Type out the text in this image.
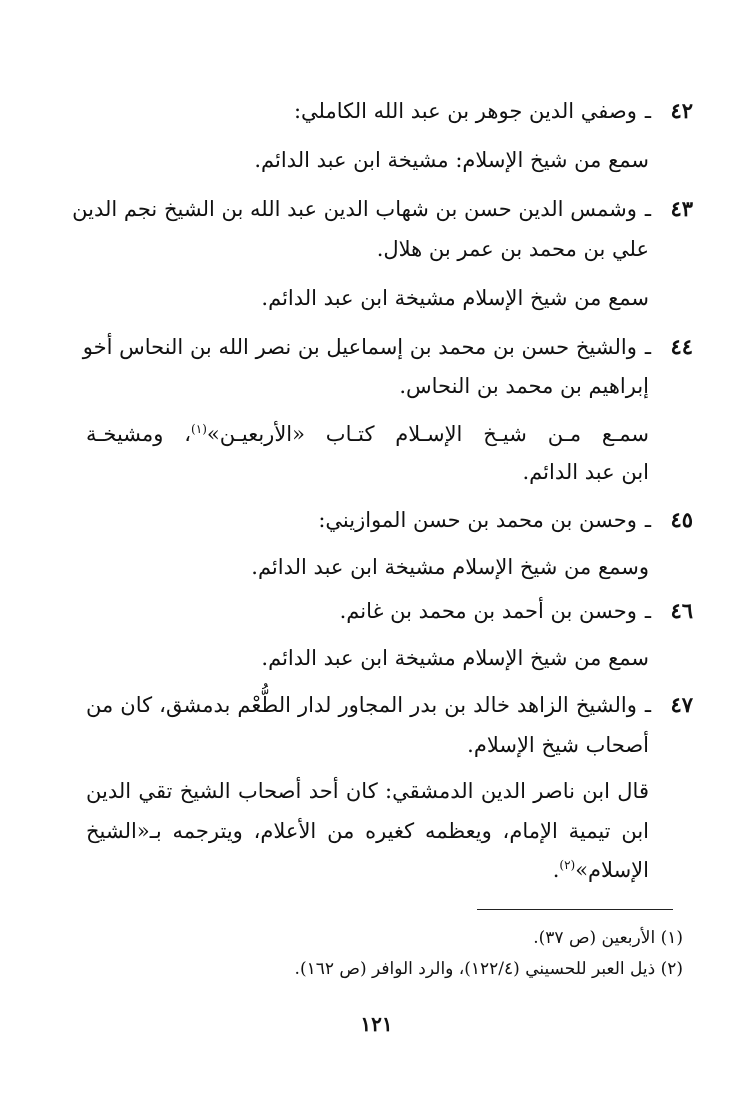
٤٢ـوصفي الدين جوهر بن عبد الله الكاملي:
سمع من شيخ الإسلام: مشيخة ابن عبد الدائم.
٤٣ـوشمس الدين حسن بن شهاب الدين عبد الله بن الشيخ نجم الدين
علي بن محمد بن عمر بن هلال.
سمع من شيخ الإسلام مشيخة ابن عبد الدائم.
٤٤ـوالشيخ حسن بن محمد بن إسماعيل بن نصر الله بن النحاس أخو
إبراهيم بن محمد بن النحاس.
سمـع مـن شيـخ الإسـلام كتـاب «الأربعيـن»$^{(١)}$، ومشيخـة
ابن عبد الدائم.
٤٥ـوحسن بن محمد بن حسن الموازيني:
وسمع من شيخ الإسلام مشيخة ابن عبد الدائم.
٤٦ـوحسن بن أحمد بن محمد بن غانم.
سمع من شيخ الإسلام مشيخة ابن عبد الدائم.
٤٧ـوالشيخ الزاهد خالد بن بدر المجاور لدار الطُّعْم بدمشق، كان من
أصحاب شيخ الإسلام.
قال ابن ناصر الدين الدمشقي: كان أحد أصحاب الشيخ تقي الدين
ابن تيمية الإمام، ويعظمه كغيره من الأعلام، ويترجمه بـ«الشيخ
الإسلام»$^{(٢)}$.
(١) الأربعين (ص ٣٧).
(٢) ذيل العبر للحسيني (١٢٢/٤)، والرد الوافر (ص ١٦٢).
١٢١
